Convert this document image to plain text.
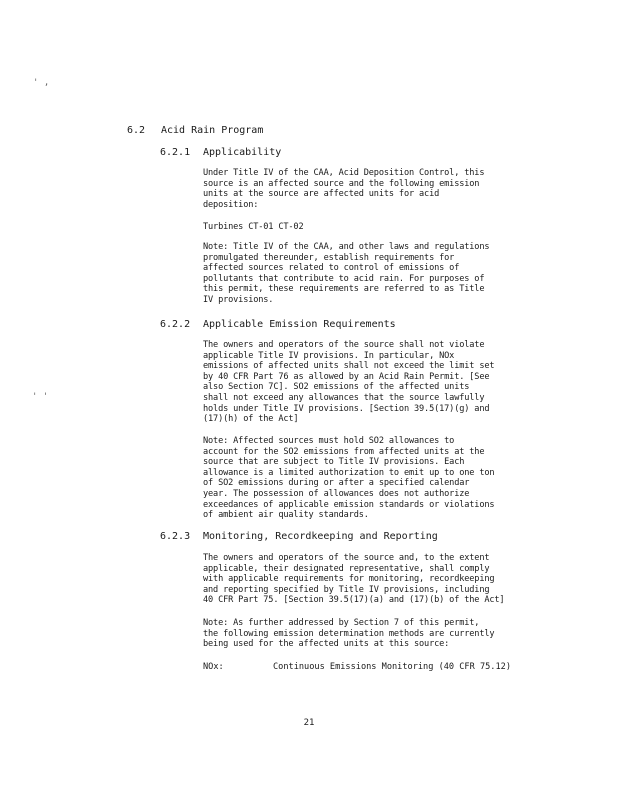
' ,
' '
6.2 Acid Rain Program
6.2.1 Applicability

Under Title IV of the CAA, Acid Deposition Control, this
source is an affected source and the following emission
units at the source are affected units for acid
deposition:

Turbines CT-01 CT-02

Note: Title IV of the CAA, and other laws and regulations
promulgated thereunder, establish requirements for
affected sources related to control of emissions of
pollutants that contribute to acid rain. For purposes of
this permit, these requirements are referred to as Title
IV provisions.

6.2.2 Applicable Emission Requirements

The owners and operators of the source shall not violate
applicable Title IV provisions. In particular, NOx
emissions of affected units shall not exceed the limit set
by 40 CFR Part 76 as allowed by an Acid Rain Permit. [See
also Section 7C]. SO2 emissions of the affected units
shall not exceed any allowances that the source lawfully
holds under Title IV provisions. [Section 39.5(17)(g) and
(17)(h) of the Act]

Note: Affected sources must hold SO2 allowances to
account for the SO2 emissions from affected units at the
source that are subject to Title IV provisions. Each
allowance is a limited authorization to emit up to one ton
of SO2 emissions during or after a specified calendar
year. The possession of allowances does not authorize
exceedances of applicable emission standards or violations
of ambient air quality standards.

6.2.3 Monitoring, Recordkeeping and Reporting

The owners and operators of the source and, to the extent
applicable, their designated representative, shall comply
with applicable requirements for monitoring, recordkeeping
and reporting specified by Title IV provisions, including
40 CFR Part 75. [Section 39.5(17)(a) and (17)(b) of the Act]

Note: As further addressed by Section 7 of this permit,
the following emission determination methods are currently
being used for the affected units at this source:

NOx:	Continuous Emissions Monitoring (40 CFR 75.12)
21
